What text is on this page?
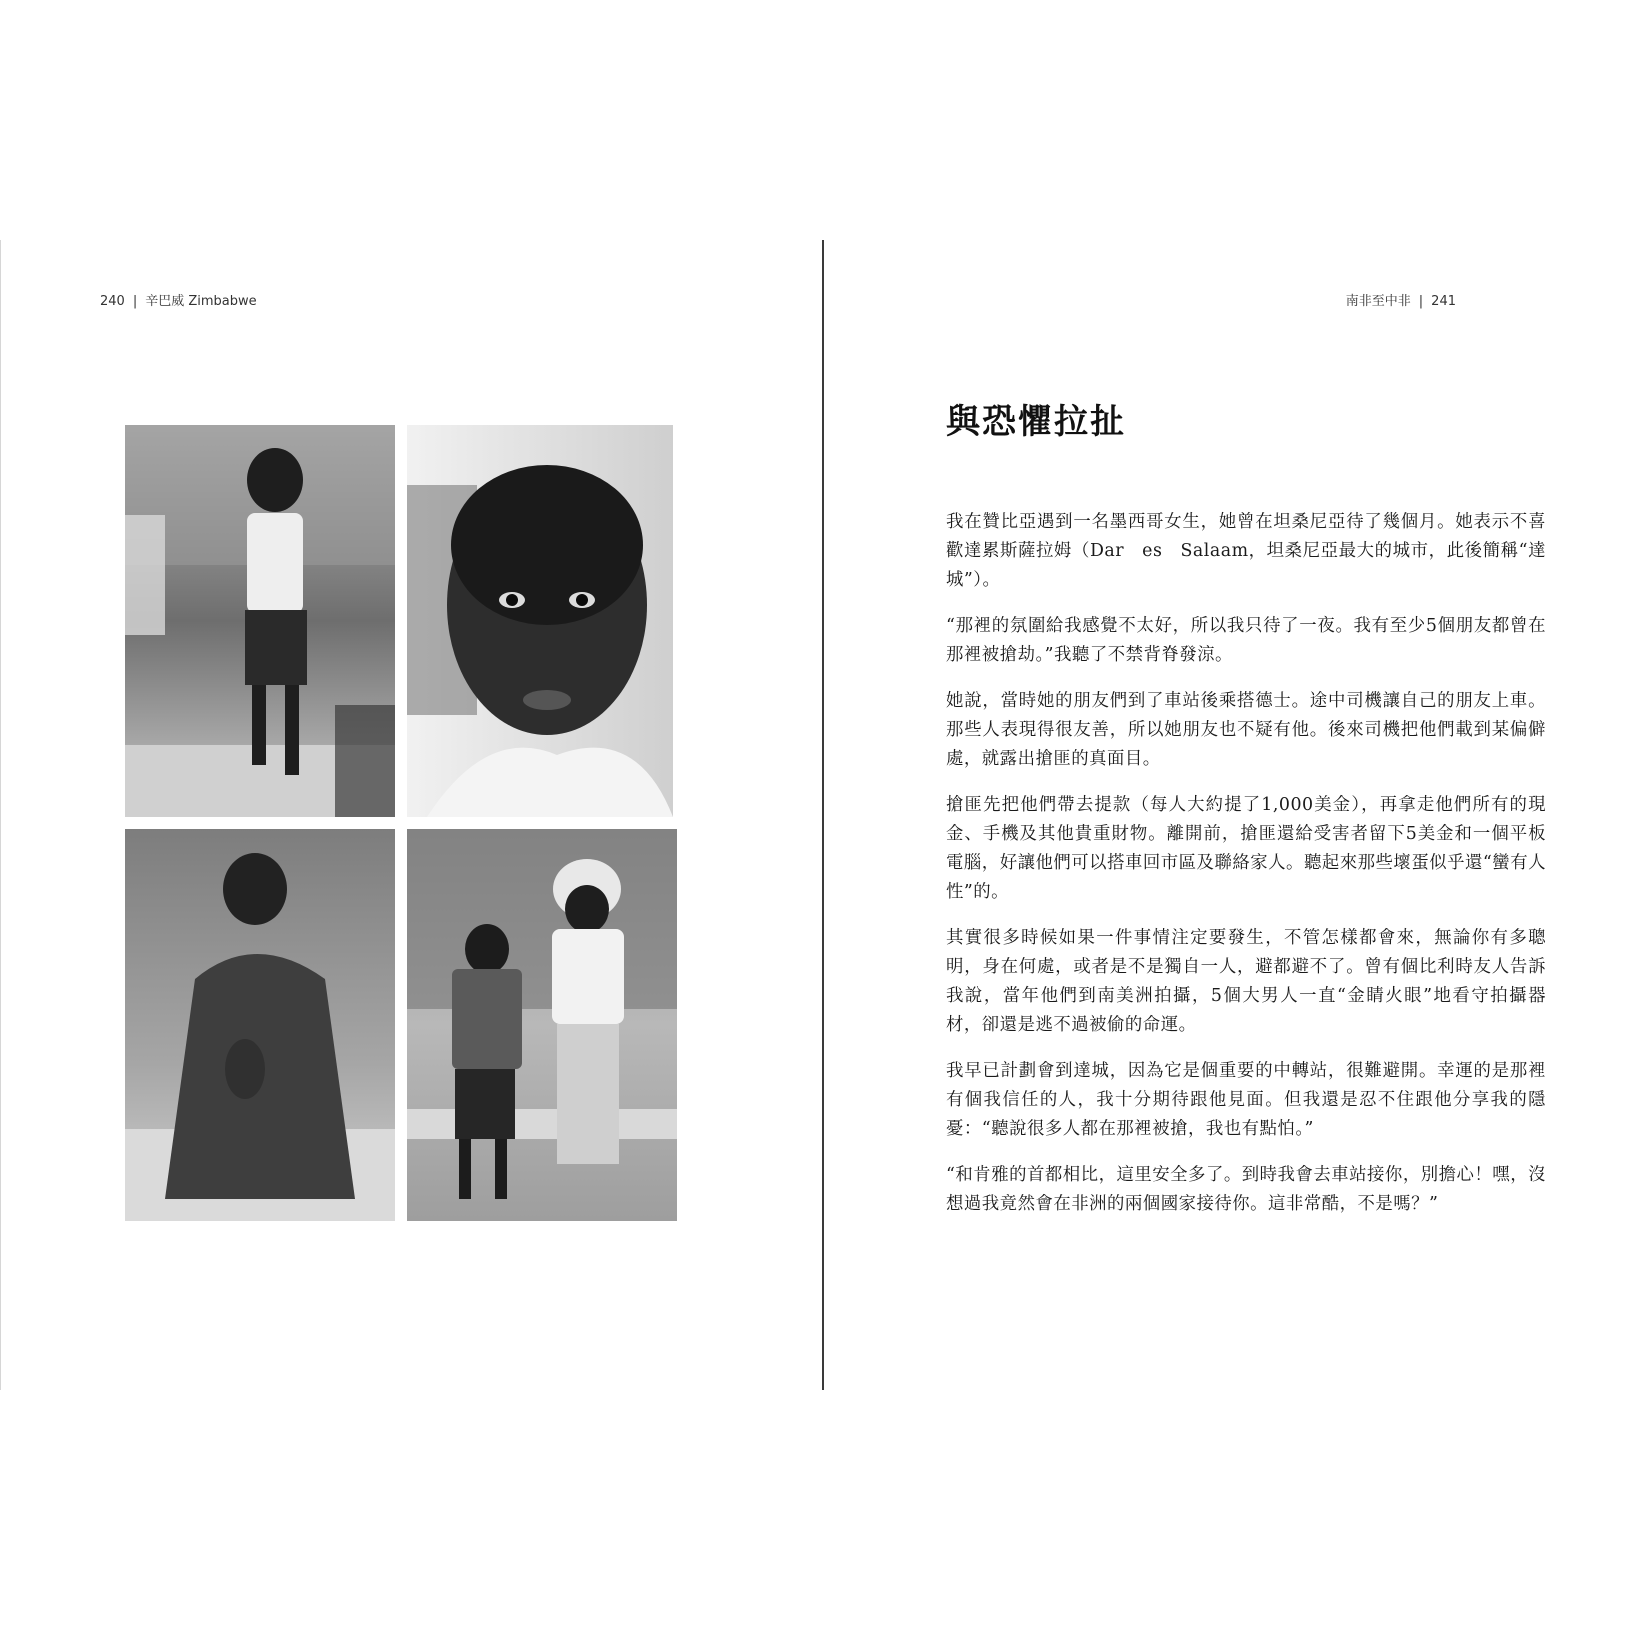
240 | 辛巴威 Zimbabwe	南非至中非 | 241
與恐懼拉扯

我在贊比亞遇到一名墨西哥女生，她曾在坦桑尼亞待了幾個月。她表示不喜歡達累斯薩拉姆（Dar　es　Salaam，坦桑尼亞最大的城市，此後簡稱“達城”）。

“那裡的氛圍給我感覺不太好，所以我只待了一夜。我有至少5個朋友都曾在那裡被搶劫。”我聽了不禁背脊發涼。

她說，當時她的朋友們到了車站後乘搭德士。途中司機讓自己的朋友上車。那些人表現得很友善，所以她朋友也不疑有他。後來司機把他們載到某偏僻處，就露出搶匪的真面目。

搶匪先把他們帶去提款（每人大約提了1,000美金），再拿走他們所有的現金、手機及其他貴重財物。離開前，搶匪還給受害者留下5美金和一個平板電腦，好讓他們可以搭車回市區及聯絡家人。聽起來那些壞蛋似乎還“蠻有人性”的。

其實很多時候如果一件事情注定要發生，不管怎樣都會來，無論你有多聰明，身在何處，或者是不是獨自一人，避都避不了。曾有個比利時友人告訴我說，當年他們到南美洲拍攝，5個大男人一直“金睛火眼”地看守拍攝器材，卻還是逃不過被偷的命運。

我早已計劃會到達城，因為它是個重要的中轉站，很難避開。幸運的是那裡有個我信任的人，我十分期待跟他見面。但我還是忍不住跟他分享我的隱憂：“聽說很多人都在那裡被搶，我也有點怕。”

“和肯雅的首都相比，這里安全多了。到時我會去車站接你，別擔心！嘿，沒想過我竟然會在非洲的兩個國家接待你。這非常酷，不是嗎？”
